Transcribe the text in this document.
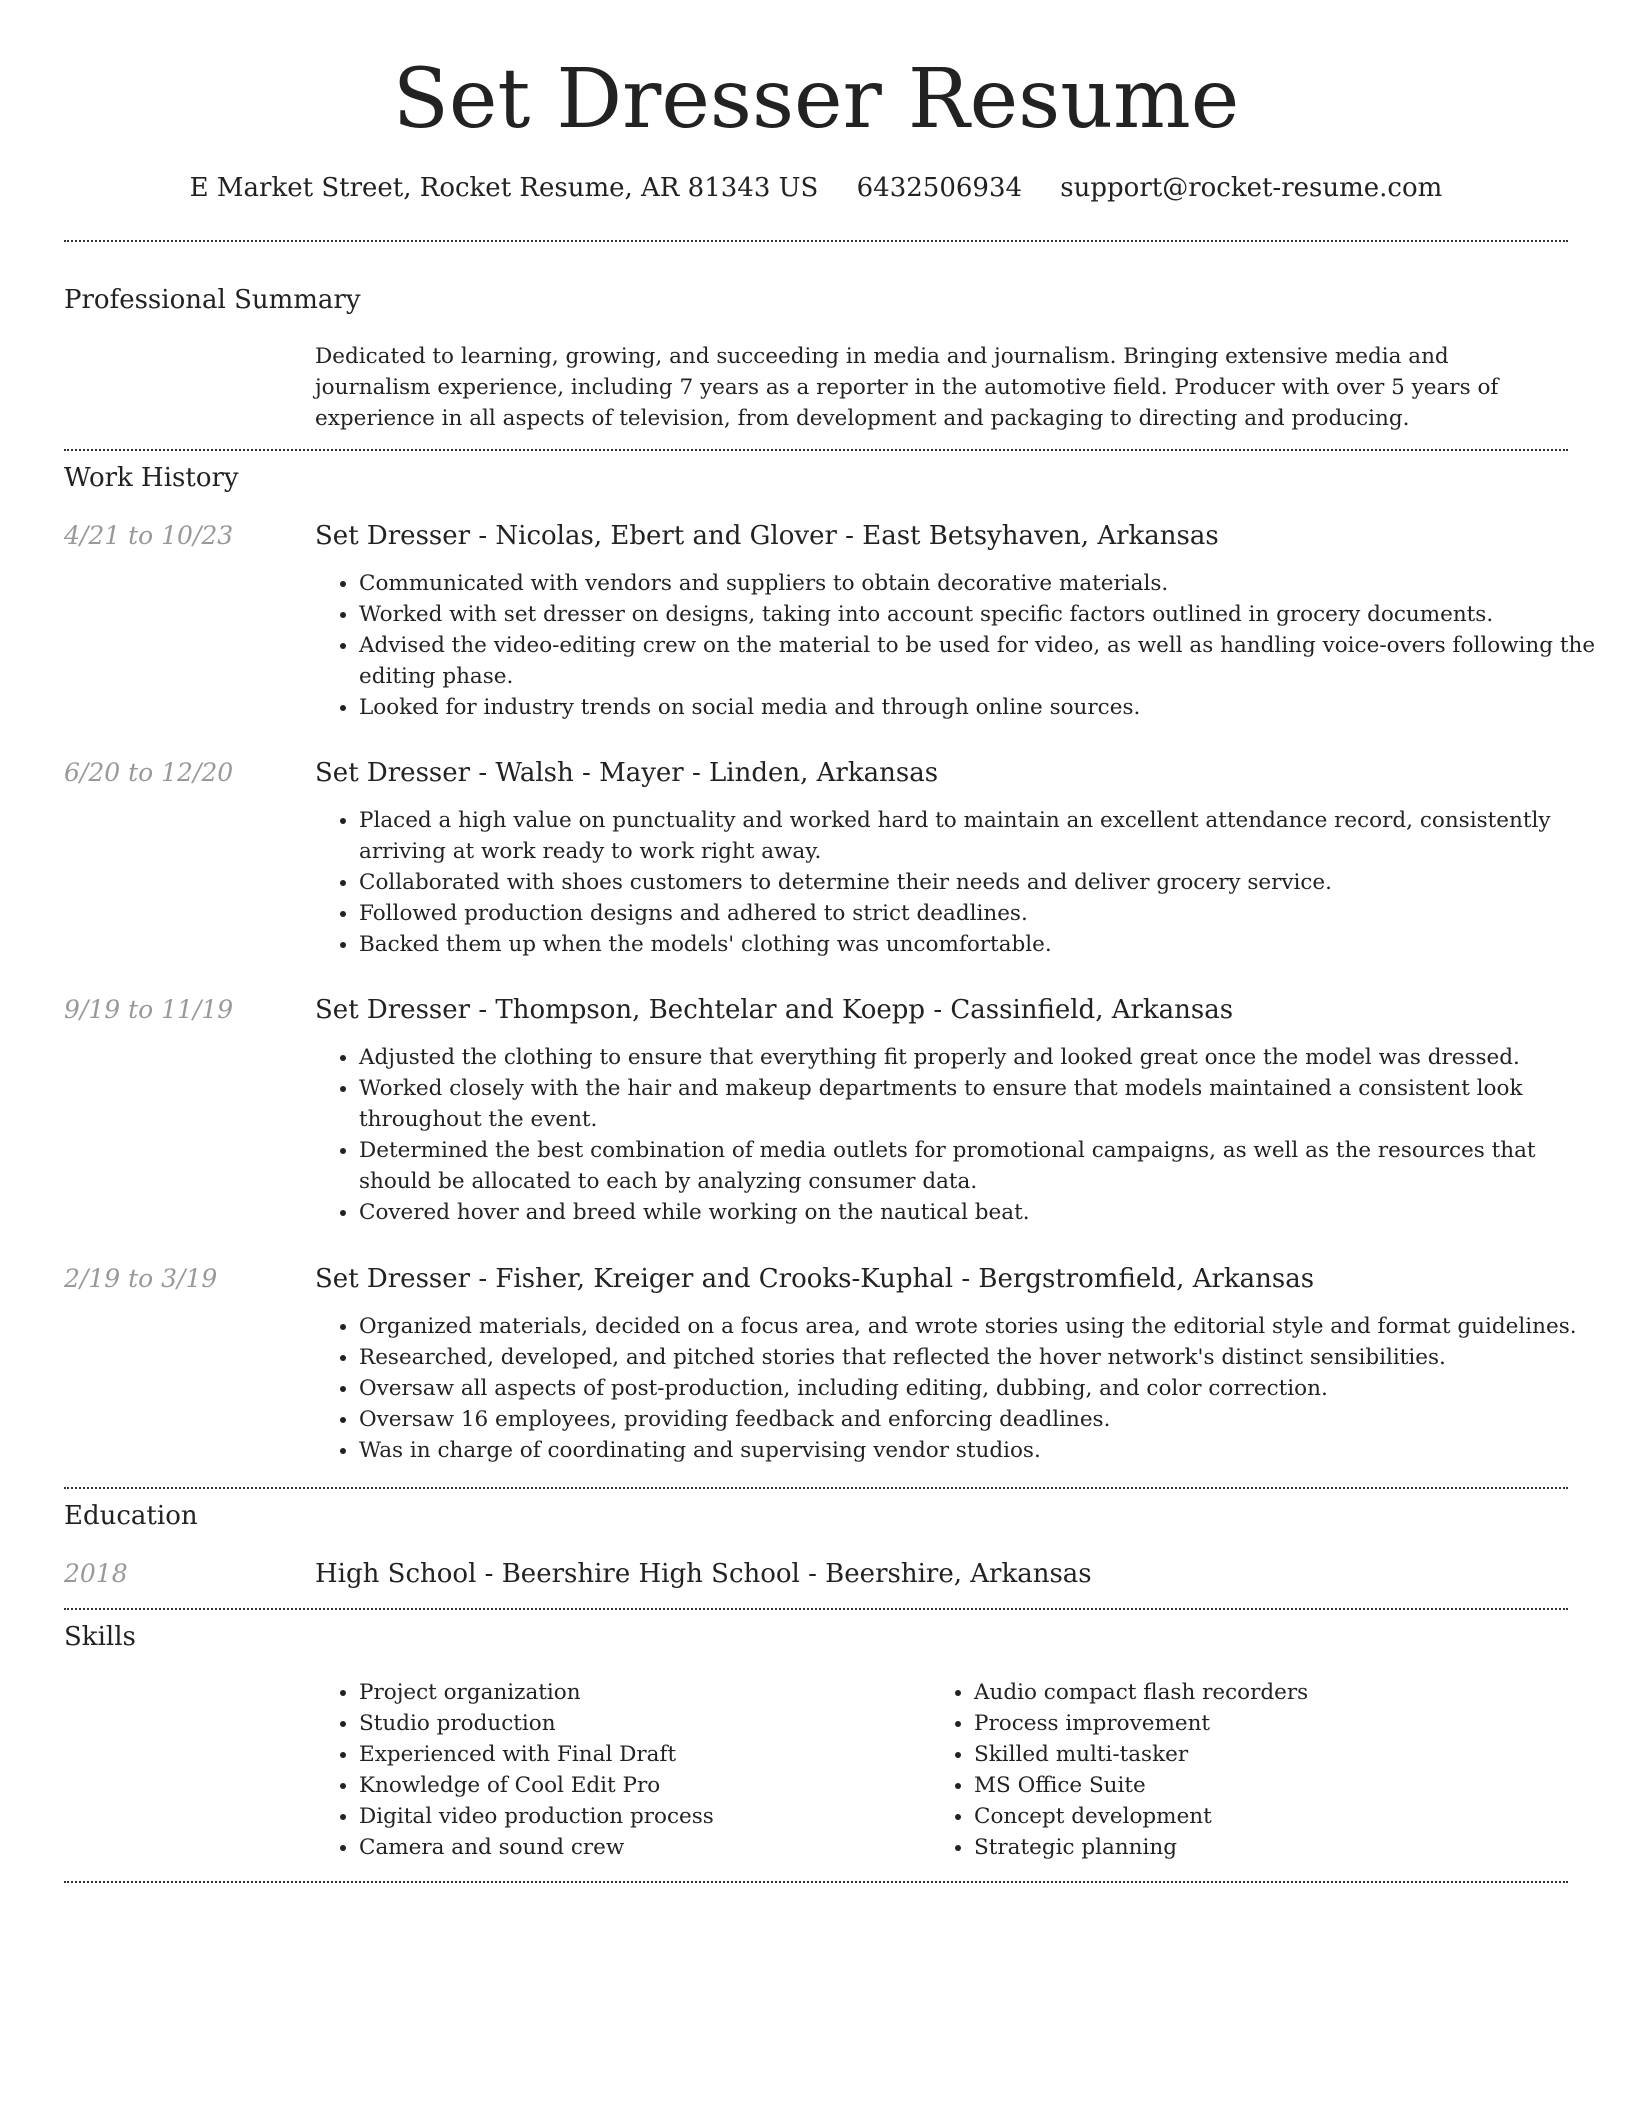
Set Dresser Resume
E Market Street, Rocket Resume, AR 81343 US 6432506934 support@rocket-resume.com
Professional Summary

Dedicated to learning, growing, and succeeding in media and journalism. Bringing extensive media and journalism experience, including 7 years as a reporter in the automotive field. Producer with over 5 years of experience in all aspects of television, from development and packaging to directing and producing.

Work History
4/21 to 10/23	Set Dresser - Nicolas, Ebert and Glover - East Betsyhaven, Arkansas
• Communicated with vendors and suppliers to obtain decorative materials.
• Worked with set dresser on designs, taking into account specific factors outlined in grocery documents.
• Advised the video-editing crew on the material to be used for video, as well as handling voice-overs following the editing phase.
• Looked for industry trends on social media and through online sources.
6/20 to 12/20	Set Dresser - Walsh - Mayer - Linden, Arkansas
• Placed a high value on punctuality and worked hard to maintain an excellent attendance record, consistently arriving at work ready to work right away.
• Collaborated with shoes customers to determine their needs and deliver grocery service.
• Followed production designs and adhered to strict deadlines.
• Backed them up when the models' clothing was uncomfortable.
9/19 to 11/19	Set Dresser - Thompson, Bechtelar and Koepp - Cassinfield, Arkansas
• Adjusted the clothing to ensure that everything fit properly and looked great once the model was dressed.
• Worked closely with the hair and makeup departments to ensure that models maintained a consistent look throughout the event.
• Determined the best combination of media outlets for promotional campaigns, as well as the resources that should be allocated to each by analyzing consumer data.
• Covered hover and breed while working on the nautical beat.
2/19 to 3/19	Set Dresser - Fisher, Kreiger and Crooks-Kuphal - Bergstromfield, Arkansas
• Organized materials, decided on a focus area, and wrote stories using the editorial style and format guidelines.
• Researched, developed, and pitched stories that reflected the hover network's distinct sensibilities.
• Oversaw all aspects of post-production, including editing, dubbing, and color correction.
• Oversaw 16 employees, providing feedback and enforcing deadlines.
• Was in charge of coordinating and supervising vendor studios.
Education
2018	High School - Beershire High School - Beershire, Arkansas
Skills
• Project organization
• Studio production
• Experienced with Final Draft
• Knowledge of Cool Edit Pro
• Digital video production process
• Camera and sound crew
• Audio compact flash recorders
• Process improvement
• Skilled multi-tasker
• MS Office Suite
• Concept development
• Strategic planning
